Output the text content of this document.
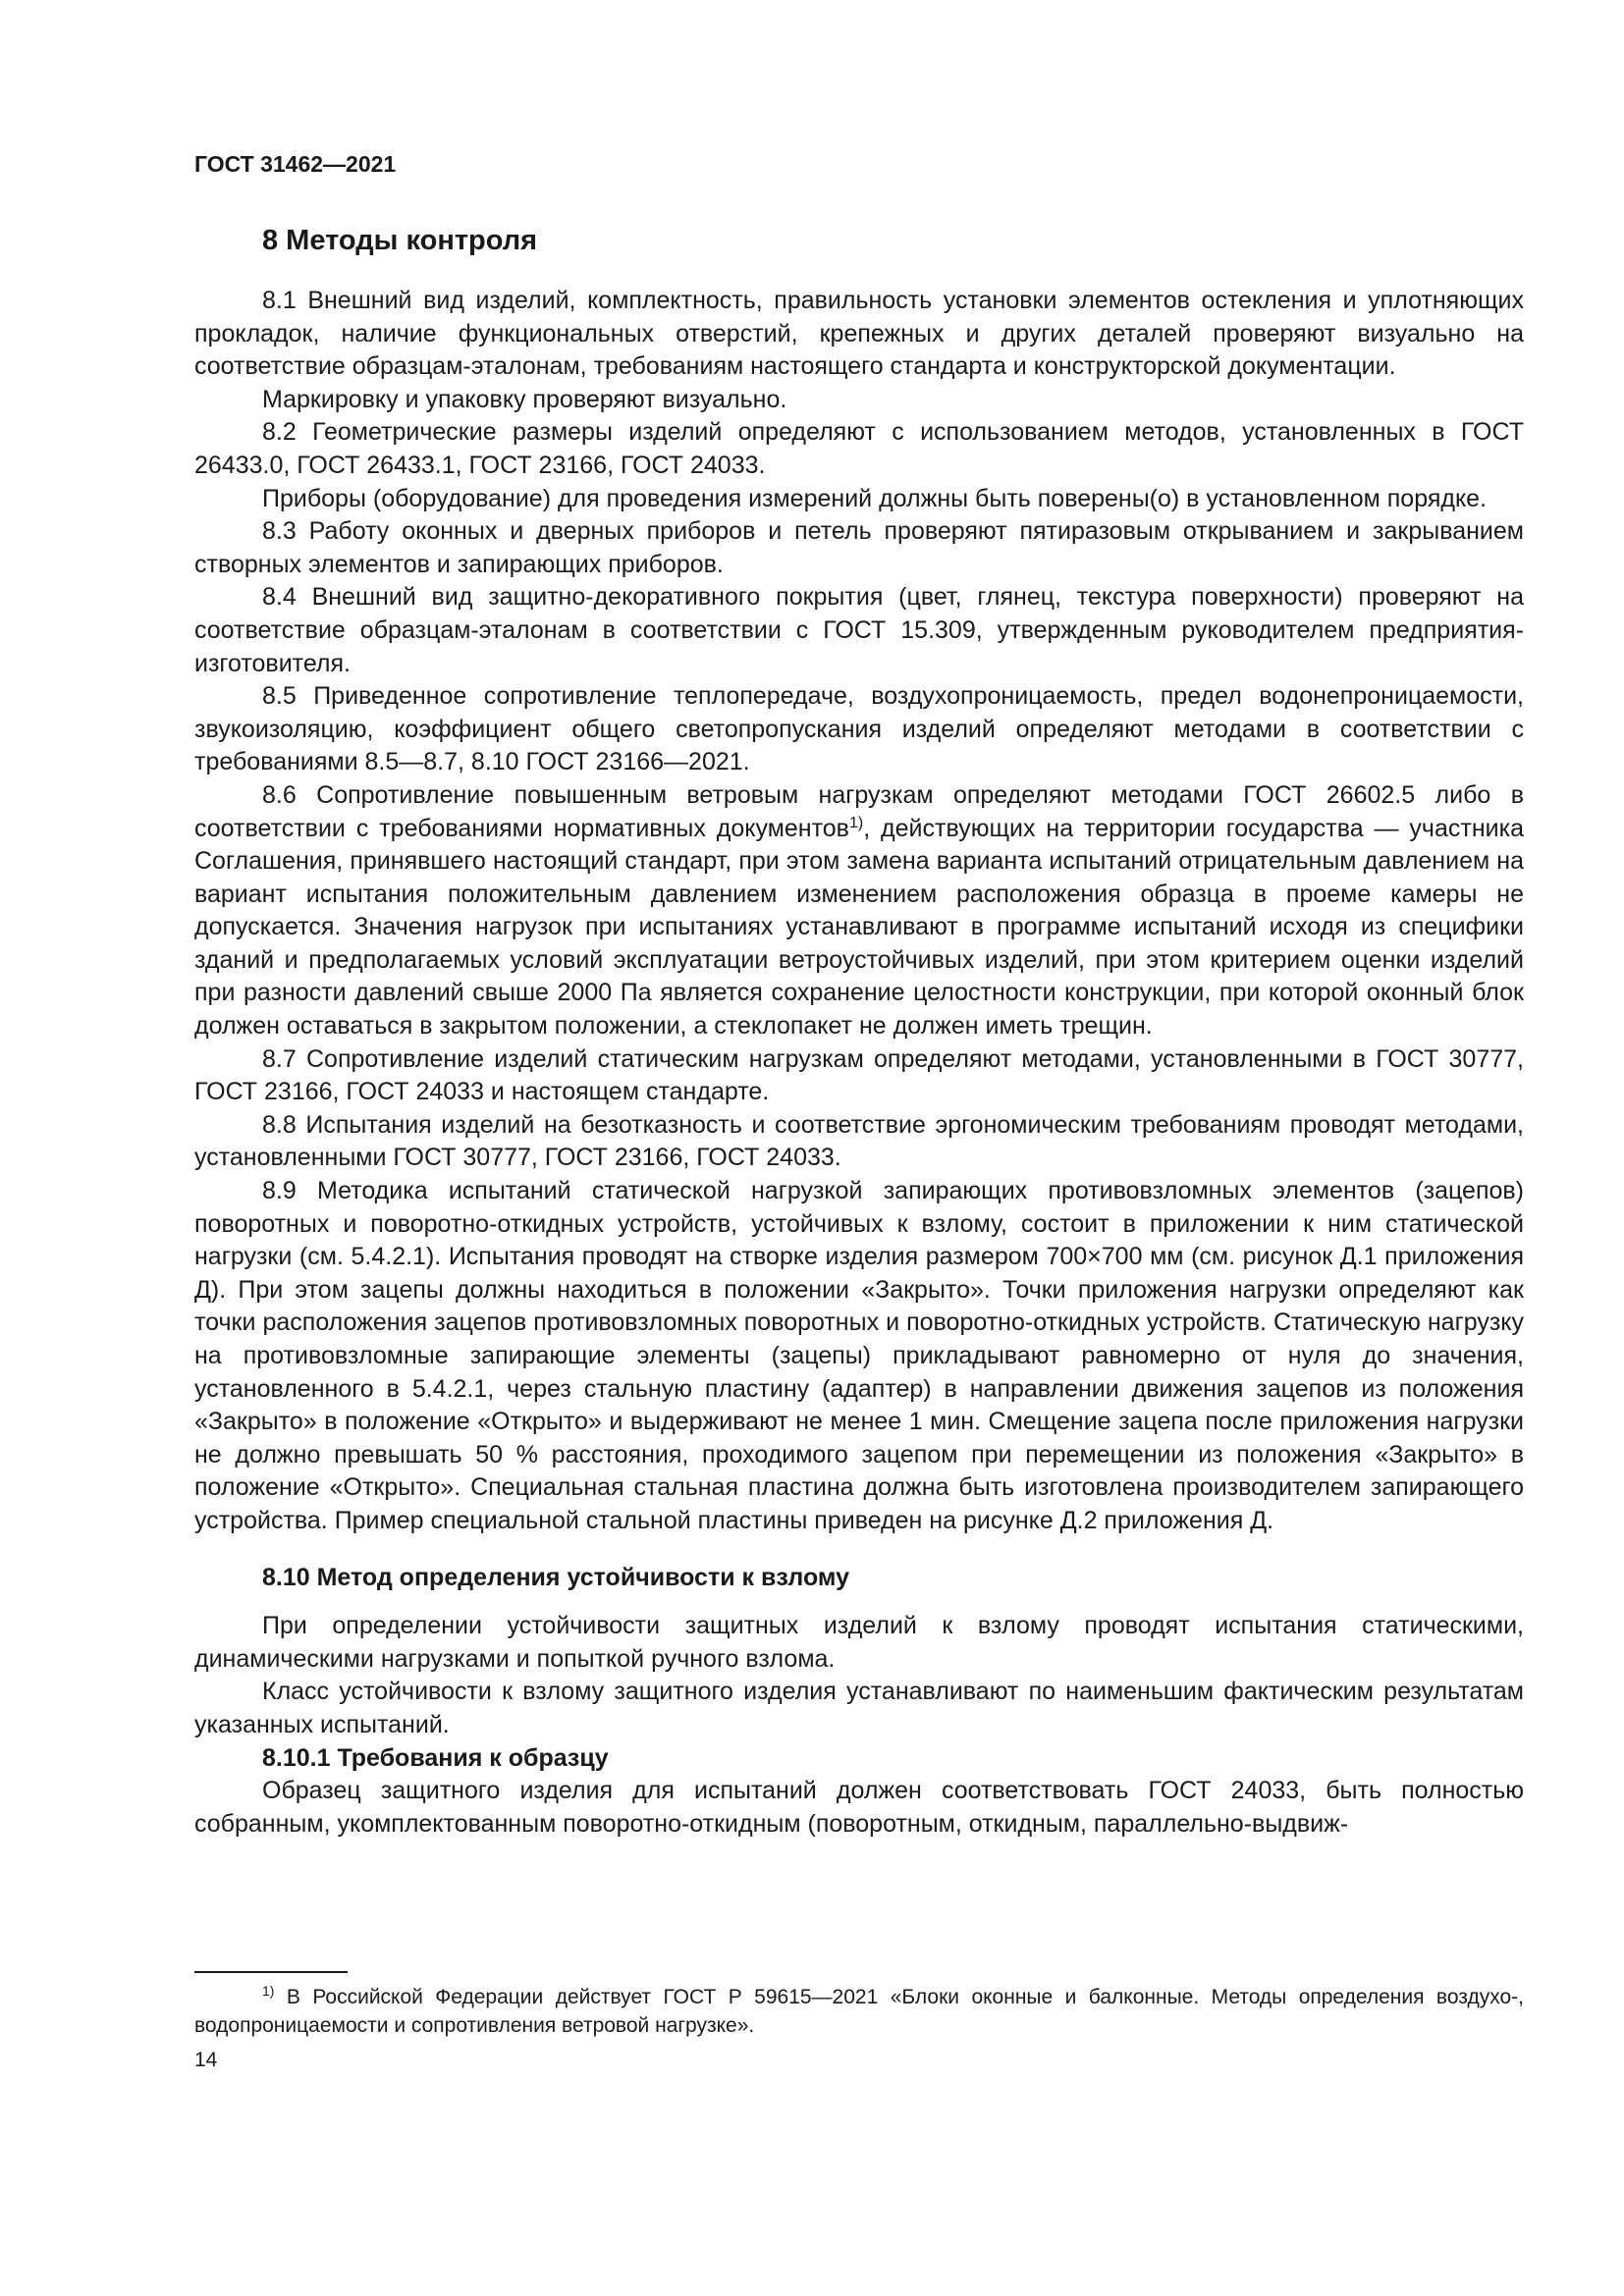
ГОСТ 31462—2021

8 Методы контроля

8.1 Внешний вид изделий, комплектность, правильность установки элементов остекления и уплотняющих прокладок, наличие функциональных отверстий, крепежных и других деталей проверяют визуально на соответствие образцам-эталонам, требованиям настоящего стандарта и конструкторской документации.

Маркировку и упаковку проверяют визуально.

8.2 Геометрические размеры изделий определяют с использованием методов, установленных в ГОСТ 26433.0, ГОСТ 26433.1, ГОСТ 23166, ГОСТ 24033.

Приборы (оборудование) для проведения измерений должны быть поверены(о) в установленном порядке.

8.3 Работу оконных и дверных приборов и петель проверяют пятиразовым открыванием и закрыванием створных элементов и запирающих приборов.

8.4 Внешний вид защитно-декоративного покрытия (цвет, глянец, текстура поверхности) проверяют на соответствие образцам-эталонам в соответствии с ГОСТ 15.309, утвержденным руководителем предприятия-изготовителя.

8.5 Приведенное сопротивление теплопередаче, воздухопроницаемость, предел водонепроницаемости, звукоизоляцию, коэффициент общего светопропускания изделий определяют методами в соответствии с требованиями 8.5—8.7, 8.10 ГОСТ 23166—2021.

8.6 Сопротивление повышенным ветровым нагрузкам определяют методами ГОСТ 26602.5 либо в соответствии с требованиями нормативных документов$^{1)}$, действующих на территории государства — участника Соглашения, принявшего настоящий стандарт, при этом замена варианта испытаний отрицательным давлением на вариант испытания положительным давлением изменением расположения образца в проеме камеры не допускается. Значения нагрузок при испытаниях устанавливают в программе испытаний исходя из специфики зданий и предполагаемых условий эксплуатации ветроустойчивых изделий, при этом критерием оценки изделий при разности давлений свыше 2000 Па является сохранение целостности конструкции, при которой оконный блок должен оставаться в закрытом положении, а стеклопакет не должен иметь трещин.

8.7 Сопротивление изделий статическим нагрузкам определяют методами, установленными в ГОСТ 30777, ГОСТ 23166, ГОСТ 24033 и настоящем стандарте.

8.8 Испытания изделий на безотказность и соответствие эргономическим требованиям проводят методами, установленными ГОСТ 30777, ГОСТ 23166, ГОСТ 24033.

8.9 Методика испытаний статической нагрузкой запирающих противовзломных элементов (зацепов) поворотных и поворотно-откидных устройств, устойчивых к взлому, состоит в приложении к ним статической нагрузки (см. 5.4.2.1). Испытания проводят на створке изделия размером 700×700 мм (см. рисунок Д.1 приложения Д). При этом зацепы должны находиться в положении «Закрыто». Точки приложения нагрузки определяют как точки расположения зацепов противовзломных поворотных и поворотно-откидных устройств. Статическую нагрузку на противовзломные запирающие элементы (зацепы) прикладывают равномерно от нуля до значения, установленного в 5.4.2.1, через стальную пластину (адаптер) в направлении движения зацепов из положения «Закрыто» в положение «Открыто» и выдерживают не менее 1 мин. Смещение зацепа после приложения нагрузки не должно превышать 50 % расстояния, проходимого зацепом при перемещении из положения «Закрыто» в положение «Открыто». Специальная стальная пластина должна быть изготовлена производителем запирающего устройства. Пример специальной стальной пластины приведен на рисунке Д.2 приложения Д.

8.10 Метод определения устойчивости к взлому

При определении устойчивости защитных изделий к взлому проводят испытания статическими, динамическими нагрузками и попыткой ручного взлома.

Класс устойчивости к взлому защитного изделия устанавливают по наименьшим фактическим результатам указанных испытаний.

8.10.1 Требования к образцу

Образец защитного изделия для испытаний должен соответствовать ГОСТ 24033, быть полностью собранным, укомплектованным поворотно-откидным (поворотным, откидным, параллельно-выдвиж-

$^{1)}$ В Российской Федерации действует ГОСТ Р 59615—2021 «Блоки оконные и балконные. Методы определения воздухо-, водопроницаемости и сопротивления ветровой нагрузке».

14
